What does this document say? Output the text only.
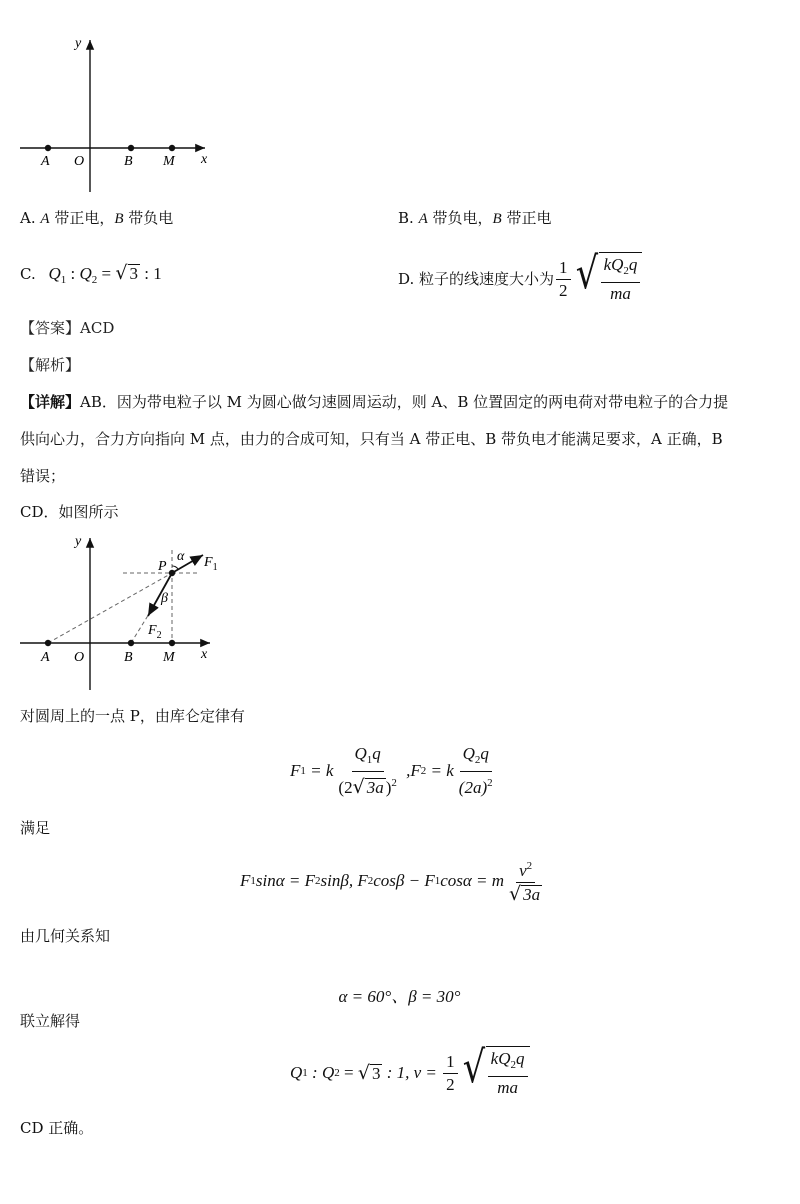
y
x
A O	B M
A. A 带正电，B 带负电	B. A 带负电，B 带正电
C. $Q_1$ : $Q_2$ = √ 3 : 1	D. 粒子的线速度大小为 $\frac{1}{2}$ √ $\frac{kQ_2q}{ma}$
【答案】ACD
【解析】
【详解】AB．因为带电粒子以 M 为圆心做匀速圆周运动，则 A、B 位置固定的两电荷对带电粒子的合力提
供向心力，合力方向指向 M 点，由力的合成可知，只有当 A 带正电、B 带负电才能满足要求，A 正确，B
错误；
CD．如图所示
y
x
A O	B M
P
α
β
$F_1$
$F_2$
对圆周上的一点 P，由库仑定律有
F 1 = k $\frac{Q_1q}{(2√ 3a )^2} ,F$ 2 = k $\frac{Q_2q}{(2a)^2}$
满足
F 1 sinα = F 2 sinβ, F 2 cosβ − F 1 cosα = m $\frac{v^2}{√ 3a}$
由几何关系知

α = 60°、β = 30°

联立解得
Q 1 : Q 2 = √ 3 : 1, $v = \frac{1}{2}$ √ $\frac{kQ_2q}{ma}$
CD 正确。
